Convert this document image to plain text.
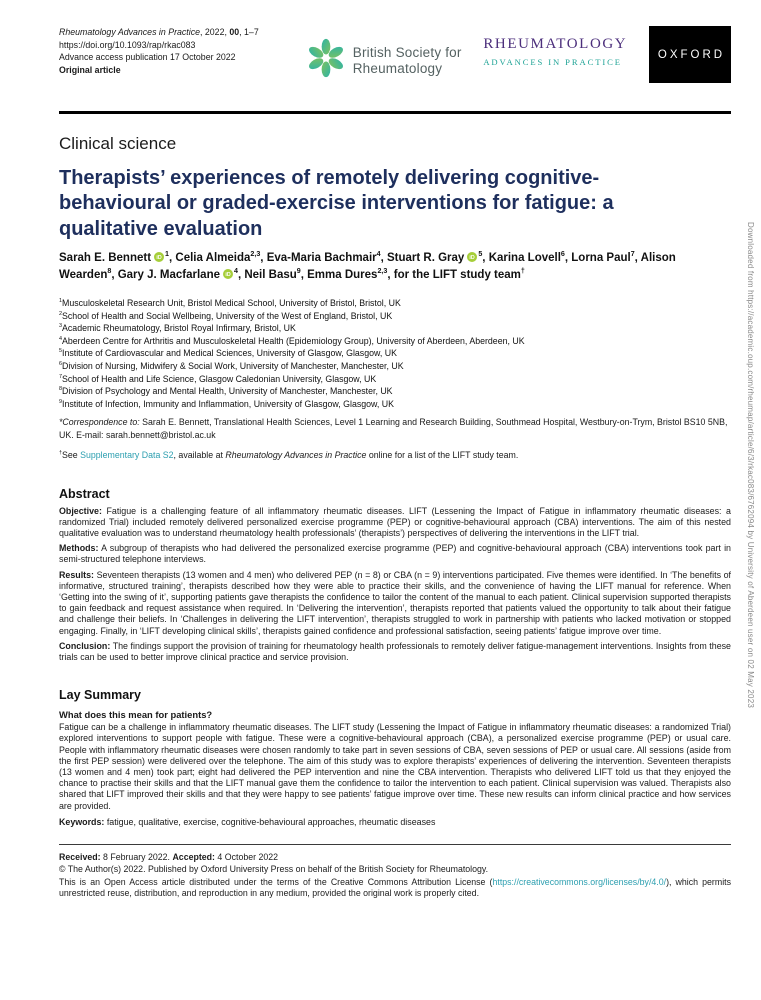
Rheumatology Advances in Practice, 2022, 00, 1–7
https://doi.org/10.1093/rap/rkac083
Advance access publication 17 October 2022
Original article
British Society for
Rheumatology
RHEUMATOLOGY
ADVANCES IN PRACTICE
OXFORD
Clinical science
Therapists’ experiences of remotely delivering cognitive-behavioural or graded-exercise interventions for fatigue: a qualitative evaluation
Sarah E. Bennett iD $^1$, Celia Almeida$^{2,3}$, Eva-Maria Bachmair$^4$, Stuart R. Gray iD $^5$, Karina Lovell$^6$, Lorna Paul$^7$, Alison Wearden$^8$, Gary J. Macfarlane iD $^4$, Neil Basu$^9$, Emma Dures$^{2,3}$, for the LIFT study team†
$^1$Musculoskeletal Research Unit, Bristol Medical School, University of Bristol, Bristol, UK
$^2$School of Health and Social Wellbeing, University of the West of England, Bristol, UK
$^3$Academic Rheumatology, Bristol Royal Infirmary, Bristol, UK
$^4$Aberdeen Centre for Arthritis and Musculoskeletal Health (Epidemiology Group), University of Aberdeen, Aberdeen, UK
$^5$Institute of Cardiovascular and Medical Sciences, University of Glasgow, Glasgow, UK
$^6$Division of Nursing, Midwifery & Social Work, University of Manchester, Manchester, UK
$^7$School of Health and Life Science, Glasgow Caledonian University, Glasgow, UK
$^8$Division of Psychology and Mental Health, University of Manchester, Manchester, UK
$^9$Institute of Infection, Immunity and Inflammation, University of Glasgow, Glasgow, UK
*Correspondence to: Sarah E. Bennett, Translational Health Sciences, Level 1 Learning and Research Building, Southmead Hospital, Westbury-on-Trym, Bristol BS10 5NB, UK. E-mail: sarah.bennett@bristol.ac.uk
†See Supplementary Data S2, available at Rheumatology Advances in Practice online for a list of the LIFT study team.
Abstract

Objective: Fatigue is a challenging feature of all inflammatory rheumatic diseases. LIFT (Lessening the Impact of Fatigue in inflammatory rheumatic diseases: a randomized Trial) included remotely delivered personalized exercise programme (PEP) or cognitive-behavioural approach (CBA) interventions. The aim of this nested qualitative evaluation was to understand rheumatology health professionals’ (therapists’) perspectives of delivering the interventions in the LIFT trial.

Methods: A subgroup of therapists who had delivered the personalized exercise programme (PEP) and cognitive-behavioural approach (CBA) interventions took part in semi-structured telephone interviews.

Results: Seventeen therapists (13 women and 4 men) who delivered PEP (n = 8) or CBA (n = 9) interventions participated. Five themes were identified. In ‘The benefits of informative, structured training’, therapists described how they were able to practice their skills, and the convenience of having the LIFT manual for reference. When ‘Getting into the swing of it’, supporting patients gave therapists the confidence to tailor the content of the manual to each patient. Clinical supervision supported therapists to gain feedback and request assistance when required. In ‘Delivering the intervention’, therapists reported that patients valued the opportunity to talk about their fatigue and challenge their beliefs. In ‘Challenges in delivering the LIFT intervention’, therapists struggled to work in partnership with patients who lacked motivation or stopped engaging. Finally, in ‘LIFT developing clinical skills’, therapists gained confidence and professional satisfaction, seeing patients’ fatigue improve over time.

Conclusion: The findings support the provision of training for rheumatology health professionals to remotely deliver fatigue-management interventions. Insights from these trials can be used to better improve clinical practice and service provision.

Lay Summary
What does this mean for patients?

Fatigue can be a challenge in inflammatory rheumatic diseases. The LIFT study (Lessening the Impact of Fatigue in inflammatory rheumatic diseases: a randomized Trial) explored interventions to support people with fatigue. These were a cognitive-behavioural approach (CBA), a personalized exercise programme (PEP) or usual care. People with inflammatory rheumatic diseases were chosen randomly to take part in seven sessions of CBA, seven sessions of PEP or usual care. All sessions (aside from the first PEP session) were delivered over the telephone. The aim of this study was to explore therapists’ experiences of delivering the intervention. Seventeen therapists (13 women and 4 men) took part; eight had delivered the PEP intervention and nine the CBA intervention. Therapists who delivered LIFT told us that they enjoyed the chance to practise their skills and that the LIFT manual gave them the confidence to tailor the intervention to each patient. Clinical supervision was valued. Therapists also shared that LIFT improved their skills and that they were happy to see patients’ fatigue improve over time. These new results can inform clinical practice and how services are provided.

Keywords: fatigue, qualitative, exercise, cognitive-behavioural approaches, rheumatic diseases
Received: 8 February 2022. Accepted: 4 October 2022
© The Author(s) 2022. Published by Oxford University Press on behalf of the British Society for Rheumatology.
This is an Open Access article distributed under the terms of the Creative Commons Attribution License (https://creativecommons.org/licenses/by/4.0/), which permits unrestricted reuse, distribution, and reproduction in any medium, provided the original work is properly cited.
Downloaded from https://academic.oup.com/rheumap/article/6/3/rkac083/6762094 by University of Aberdeen user on 02 May 2023
